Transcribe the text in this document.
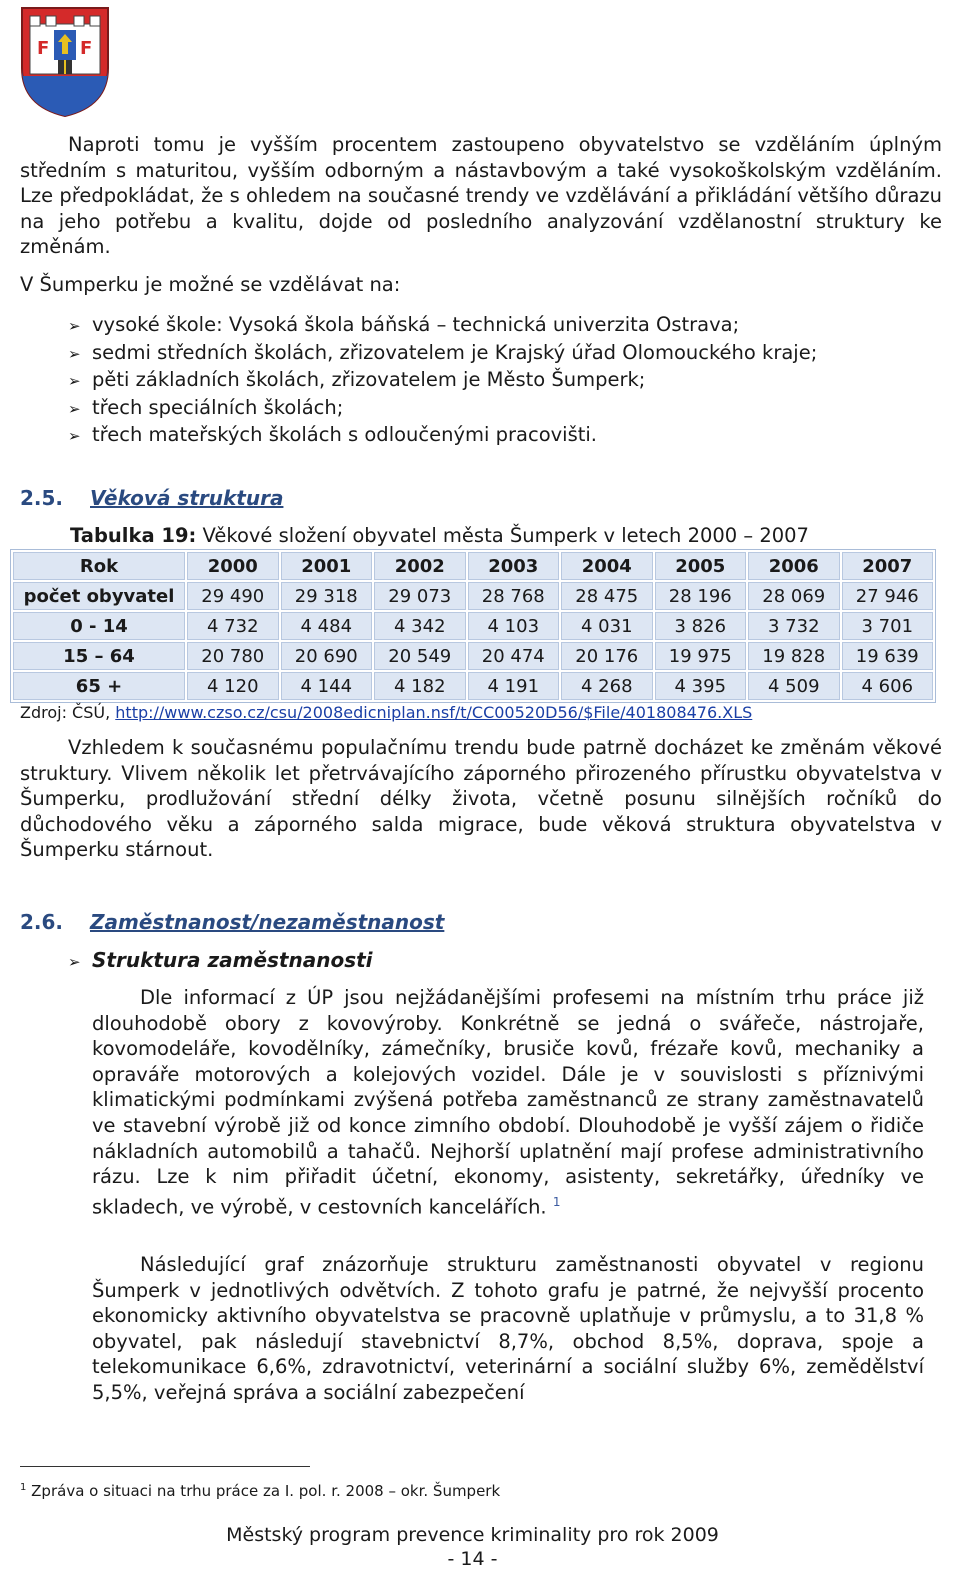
F F

Naproti tomu je vyšším procentem zastoupeno obyvatelstvo se vzděláním úplným středním s maturitou, vyšším odborným a nástavbovým a také vysokoškolským vzděláním. Lze předpokládat, že s ohledem na současné trendy ve vzdělávání a přikládání většího důrazu na jeho potřebu a kvalitu, dojde od posledního analyzování vzdělanostní struktury ke změnám.

V Šumperku je možné se vzdělávat na:

➢ vysoké škole: Vysoká škola báňská – technická univerzita Ostrava;
➢ sedmi středních školách, zřizovatelem je Krajský úřad Olomouckého kraje;
➢ pěti základních školách, zřizovatelem je Město Šumperk;
➢ třech speciálních školách;
➢ třech mateřských školách s odloučenými pracovišti.
2.5. Věková struktura

Tabulka 19: Věkové složení obyvatel města Šumperk v letech 2000 – 2007

Rok	2000	2001	2002	2003	2004	2005	2006	2007
počet obyvatel	29 490	29 318	29 073	28 768	28 475	28 196	28 069	27 946
0 - 14	4 732	4 484	4 342	4 103	4 031	3 826	3 732	3 701
15 – 64	20 780	20 690	20 549	20 474	20 176	19 975	19 828	19 639
65 +	4 120	4 144	4 182	4 191	4 268	4 395	4 509	4 606

Zdroj: ČSÚ, http://www.czso.cz/csu/2008edicniplan.nsf/t/CC00520D56/$File/401808476.XLS

Vzhledem k současnému populačnímu trendu bude patrně docházet ke změnám věkové struktury. Vlivem několik let přetrvávajícího záporného přirozeného přírustku obyvatelstva v Šumperku, prodlužování střední délky života, včetně posunu silnějších ročníků do důchodového věku a záporného salda migrace, bude věková struktura obyvatelstva v Šumperku stárnout.

2.6. Zaměstnanost/nezaměstnanost

➢ Struktura zaměstnanosti

Dle informací z ÚP jsou nejžádanějšími profesemi na místním trhu práce již dlouhodobě obory z kovovýroby. Konkrétně se jedná o svářeče, nástrojaře, kovomodeláře, kovodělníky, zámečníky, brusiče kovů, frézaře kovů, mechaniky a opraváře motorových a kolejových vozidel. Dále je v souvislosti s příznivými klimatickými podmínkami zvýšená potřeba zaměstnanců ze strany zaměstnavatelů ve stavební výrobě již od konce zimního období. Dlouhodobě je vyšší zájem o řidiče nákladních automobilů a tahačů. Nejhorší uplatnění mají profese administrativního rázu. Lze k nim přiřadit účetní, ekonomy, asistenty, sekretářky, úředníky ve skladech, ve výrobě, v cestovních kancelářích. $^1$

Následující graf znázorňuje strukturu zaměstnanosti obyvatel v regionu Šumperk v jednotlivých odvětvích. Z tohoto grafu je patrné, že nejvyšší procento ekonomicky aktivního obyvatelstva se pracovně uplatňuje v průmyslu, a to 31,8 % obyvatel, pak následují stavebnictví 8,7%, obchod 8,5%, doprava, spoje a telekomunikace 6,6%, zdravotnictví, veterinární a sociální služby 6%, zemědělství 5,5%, veřejná správa a sociální zabezpečení

$^1$ Zpráva o situaci na trhu práce za I. pol. r. 2008 – okr. Šumperk

Městský program prevence kriminality pro rok 2009

- 14 -
